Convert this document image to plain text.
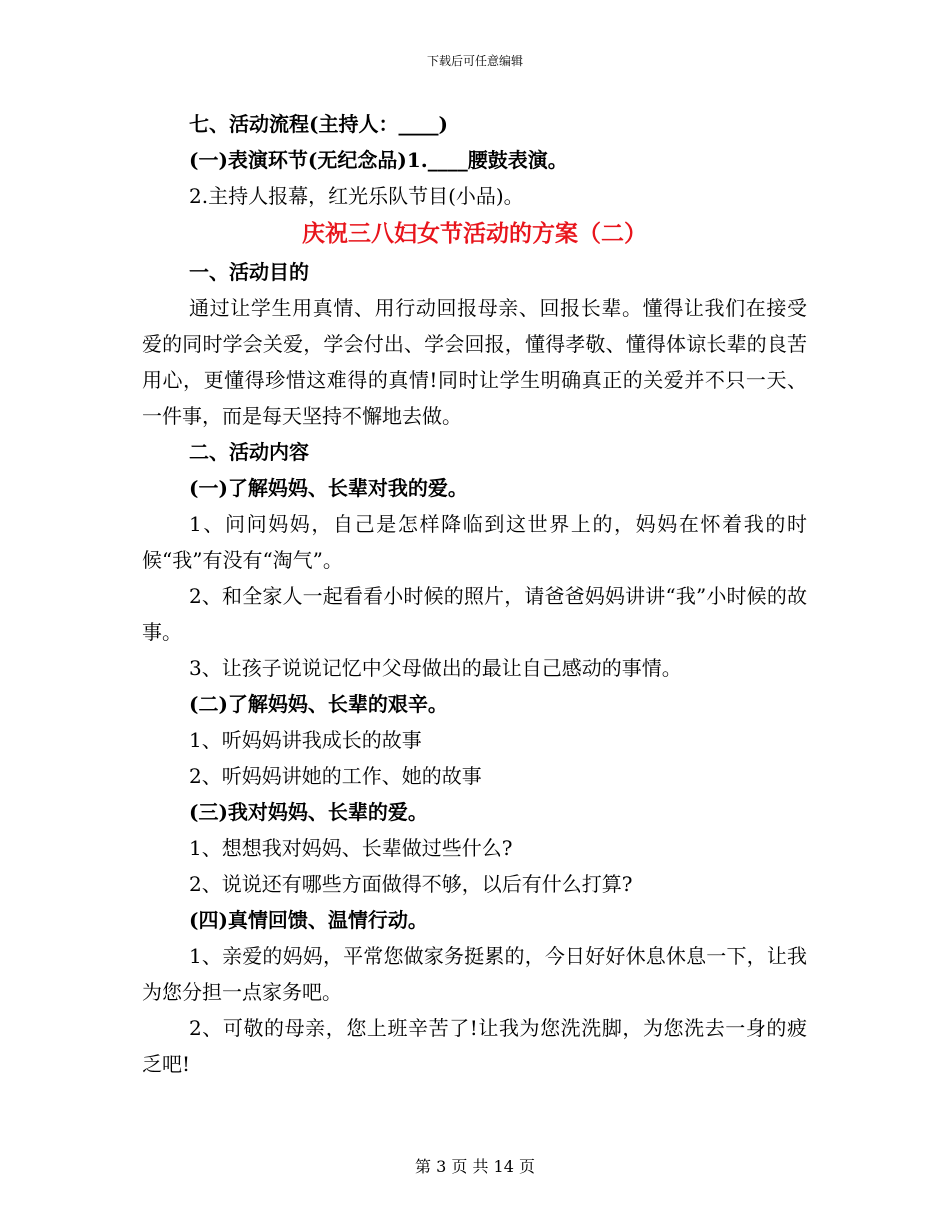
下载后可任意编辑
七、活动流程(主持人：____)
(一)表演环节(无纪念品)1.____腰鼓表演。
2.主持人报幕，红光乐队节目(小品)。
庆祝三八妇女节活动的方案（二）
一、活动目的
通过让学生用真情、用行动回报母亲、回报长辈。懂得让我们在接受爱的同时学会关爱，学会付出、学会回报，懂得孝敬、懂得体谅长辈的良苦用心，更懂得珍惜这难得的真情!同时让学生明确真正的关爱并不只一天、一件事，而是每天坚持不懈地去做。
二、活动内容
(一)了解妈妈、长辈对我的爱。
1、问问妈妈，自己是怎样降临到这世界上的，妈妈在怀着我的时候“我”有没有“淘气”。
2、和全家人一起看看小时候的照片，请爸爸妈妈讲讲“我”小时候的故事。
3、让孩子说说记忆中父母做出的最让自己感动的事情。
(二)了解妈妈、长辈的艰辛。
1、听妈妈讲我成长的故事
2、听妈妈讲她的工作、她的故事
(三)我对妈妈、长辈的爱。
1、想想我对妈妈、长辈做过些什么?
2、说说还有哪些方面做得不够，以后有什么打算?
(四)真情回馈、温情行动。
1、亲爱的妈妈，平常您做家务挺累的，今日好好休息休息一下，让我为您分担一点家务吧。
2、可敬的母亲，您上班辛苦了!让我为您洗洗脚，为您洗去一身的疲乏吧!
第 3 页 共 14 页
